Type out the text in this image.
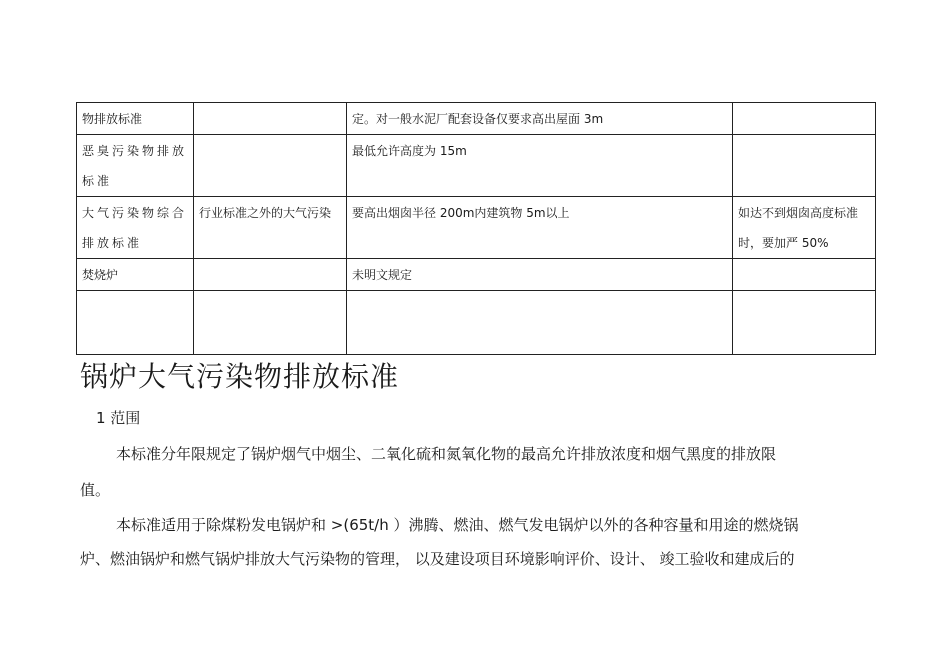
物排放标准		定。对一般水泥厂配套设备仅要求高出屋面 3m	
恶臭污染物排放标准		最低允许高度为 15m	
大气污染物综合排放标准	行业标准之外的大气污染	要高出烟囱半径 200m内建筑物 5m以上	如达不到烟囱高度标准时，要加严 50%
焚烧炉		未明文规定	

锅炉大气污染物排放标准

1 范围

本标准分年限规定了锅炉烟气中烟尘、二氧化硫和氮氧化物的最高允许排放浓度和烟气黑度的排放限

值。

本标准适用于除煤粉发电锅炉和 >(65t/h ）沸腾、燃油、燃气发电锅炉以外的各种容量和用途的燃烧锅

炉、燃油锅炉和燃气锅炉排放大气污染物的管理， 以及建设项目环境影响评价、设计、 竣工验收和建成后的
